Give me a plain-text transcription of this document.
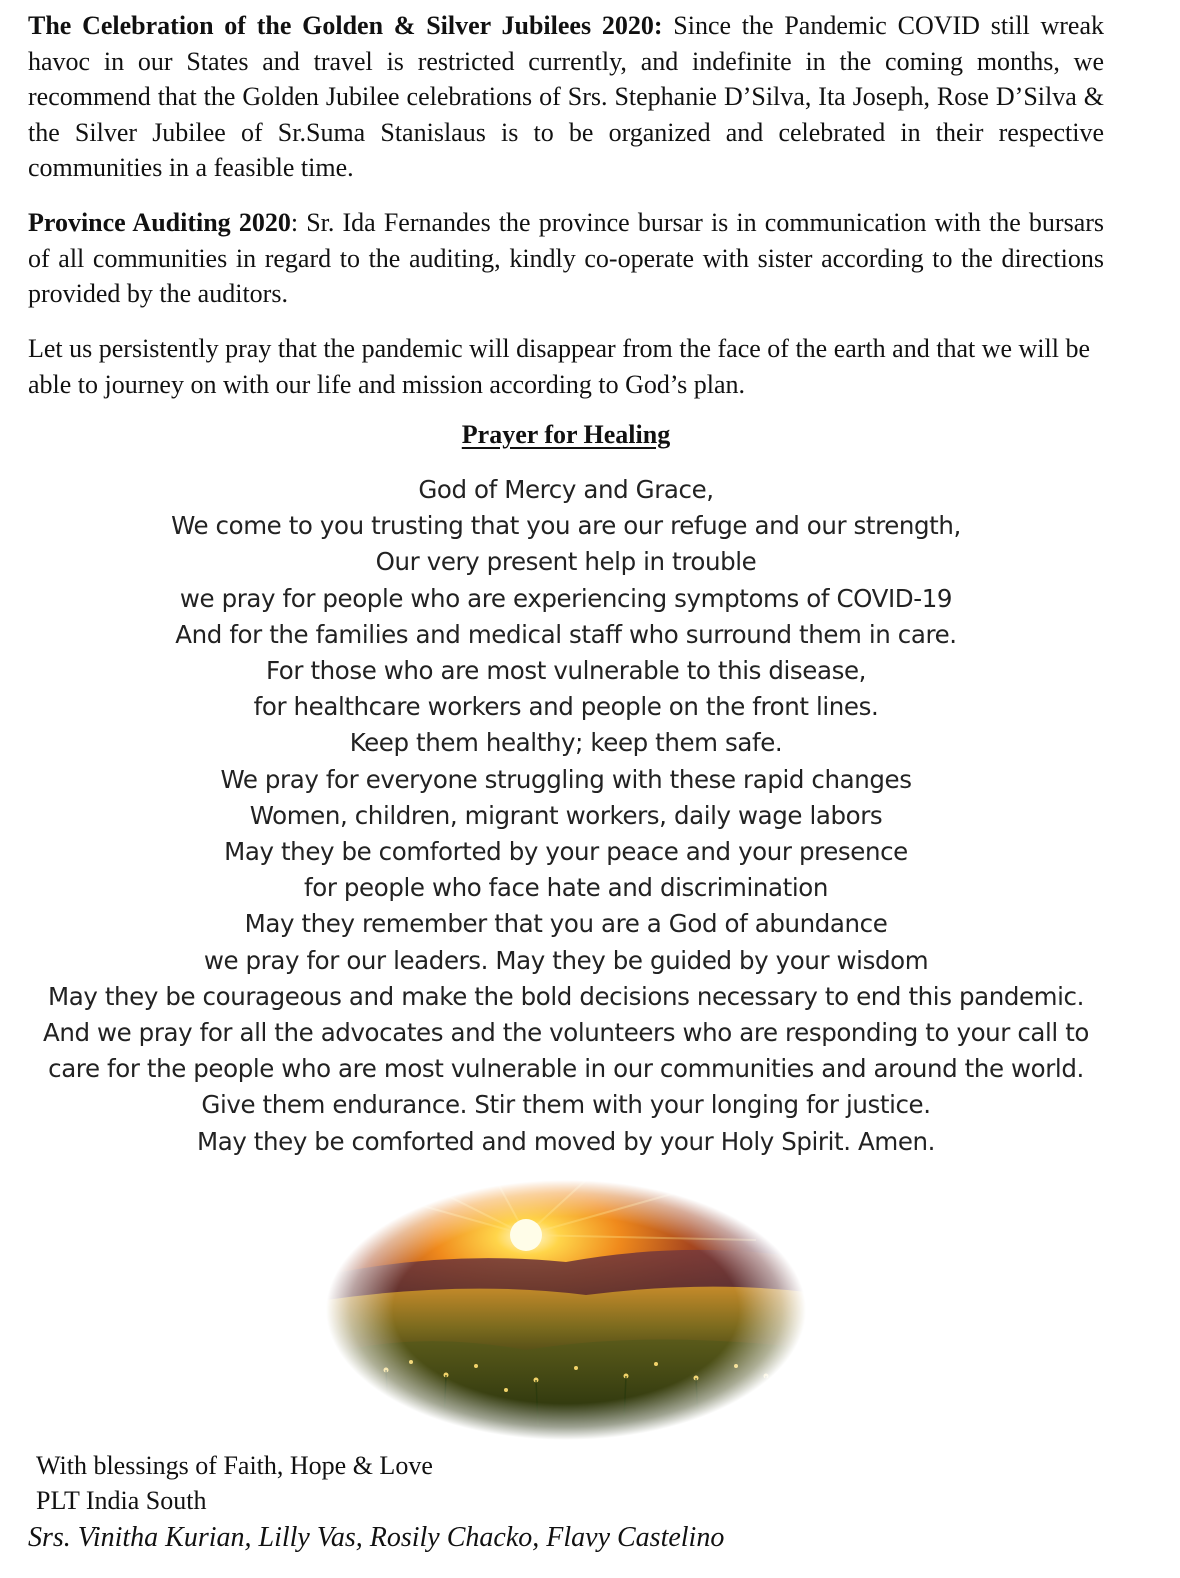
The Celebration of the Golden & Silver Jubilees 2020: Since the Pandemic COVID still wreak havoc in our States and travel is restricted currently, and indefinite in the coming months, we recommend that the Golden Jubilee celebrations of Srs. Stephanie D’Silva, Ita Joseph, Rose D’Silva & the Silver Jubilee of Sr.Suma Stanislaus is to be organized and celebrated in their respective communities in a feasible time.

Province Auditing 2020: Sr. Ida Fernandes the province bursar is in communication with the bursars of all communities in regard to the auditing, kindly co-operate with sister according to the directions provided by the auditors.

Let us persistently pray that the pandemic will disappear from the face of the earth and that we will be able to journey on with our life and mission according to God’s plan.

Prayer for Healing
God of Mercy and Grace,
We come to you trusting that you are our refuge and our strength,
Our very present help in trouble
we pray for people who are experiencing symptoms of COVID-19
And for the families and medical staff who surround them in care.
For those who are most vulnerable to this disease,
for healthcare workers and people on the front lines.
Keep them healthy; keep them safe.
We pray for everyone struggling with these rapid changes
Women, children, migrant workers, daily wage labors
May they be comforted by your peace and your presence
for people who face hate and discrimination
May they remember that you are a God of abundance
we pray for our leaders. May they be guided by your wisdom
May they be courageous and make the bold decisions necessary to end this pandemic.
And we pray for all the advocates and the volunteers who are responding to your call to
care for the people who are most vulnerable in our communities and around the world.
Give them endurance. Stir them with your longing for justice.
May they be comforted and moved by your Holy Spirit. Amen.
With blessings of Faith, Hope & Love
PLT India South
Srs. Vinitha Kurian, Lilly Vas, Rosily Chacko, Flavy Castelino
